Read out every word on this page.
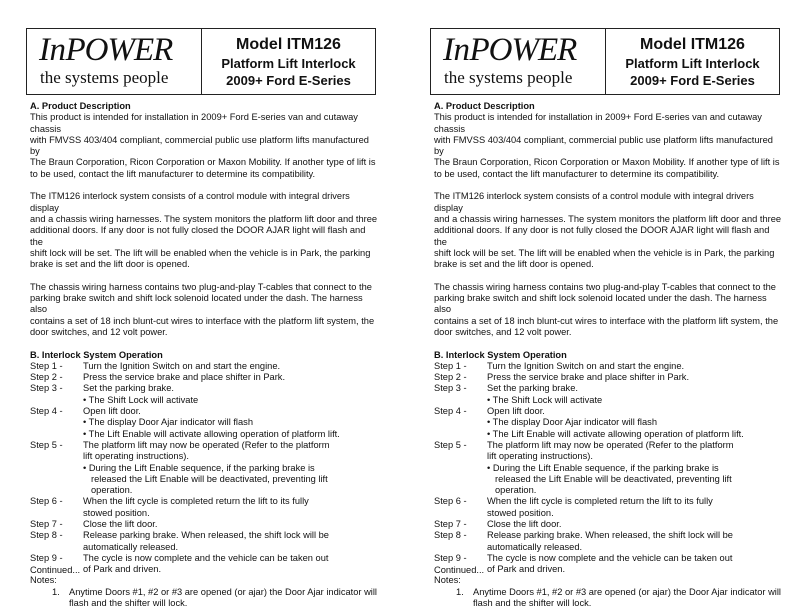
InPOWER
the systems people
Model ITM126
Platform Lift Interlock
2009+ Ford E-Series
A. Product Description
This product is intended for installation in 2009+ Ford E-series van and cutaway chassis
with FMVSS 403/404 compliant, commercial public use platform lifts manufactured by
The Braun Corporation, Ricon Corporation or Maxon Mobility. If another type of lift is
to be used, contact the lift manufacturer to determine its compatibility.
The ITM126 interlock system consists of a control module with integral drivers display
and a chassis wiring harnesses. The system monitors the platform lift door and three
additional doors. If any door is not fully closed the DOOR AJAR light will flash and the
shift lock will be set. The lift will be enabled when the vehicle is in Park, the parking
brake is set and the lift door is opened.
The chassis wiring harness contains two plug-and-play T-cables that connect to the
parking brake switch and shift lock solenoid located under the dash. The harness also
contains a set of 18 inch blunt-cut wires to interface with the platform lift system, the
door switches, and 12 volt power.
B. Interlock System Operation
Step 1 -	Turn the Ignition Switch on and start the engine.
Step 2 -	Press the service brake and place shifter in Park.
Step 3 -	Set the parking brake.
• The Shift Lock will activate
Step 4 -	Open lift door.
• The display Door Ajar indicator will flash
• The Lift Enable will activate allowing operation of platform lift.
Step 5 -	The platform lift may now be operated (Refer to the platform
lift operating instructions).
• During the Lift Enable sequence, if the parking brake is
released the Lift Enable will be deactivated, preventing lift
operation.
Step 6 -	When the lift cycle is completed return the lift to its fully
stowed position.
Step 7 -	Close the lift door.
Step 8 -	Release parking brake. When released, the shift lock will be
automatically released.
Step 9 -	The cycle is now complete and the vehicle can be taken out
of Park and driven.
Notes:
1. Anytime Doors #1, #2 or #3 are opened (or ajar) the Door Ajar indicator will
flash and the shifter will lock.
Continued...
InPOWER
the systems people
Model ITM126
Platform Lift Interlock
2009+ Ford E-Series
A. Product Description
This product is intended for installation in 2009+ Ford E-series van and cutaway chassis
with FMVSS 403/404 compliant, commercial public use platform lifts manufactured by
The Braun Corporation, Ricon Corporation or Maxon Mobility. If another type of lift is
to be used, contact the lift manufacturer to determine its compatibility.
The ITM126 interlock system consists of a control module with integral drivers display
and a chassis wiring harnesses. The system monitors the platform lift door and three
additional doors. If any door is not fully closed the DOOR AJAR light will flash and the
shift lock will be set. The lift will be enabled when the vehicle is in Park, the parking
brake is set and the lift door is opened.
The chassis wiring harness contains two plug-and-play T-cables that connect to the
parking brake switch and shift lock solenoid located under the dash. The harness also
contains a set of 18 inch blunt-cut wires to interface with the platform lift system, the
door switches, and 12 volt power.
B. Interlock System Operation
Step 1 -	Turn the Ignition Switch on and start the engine.
Step 2 -	Press the service brake and place shifter in Park.
Step 3 -	Set the parking brake.
• The Shift Lock will activate
Step 4 -	Open lift door.
• The display Door Ajar indicator will flash
• The Lift Enable will activate allowing operation of platform lift.
Step 5 -	The platform lift may now be operated (Refer to the platform
lift operating instructions).
• During the Lift Enable sequence, if the parking brake is
released the Lift Enable will be deactivated, preventing lift
operation.
Step 6 -	When the lift cycle is completed return the lift to its fully
stowed position.
Step 7 -	Close the lift door.
Step 8 -	Release parking brake. When released, the shift lock will be
automatically released.
Step 9 -	The cycle is now complete and the vehicle can be taken out
of Park and driven.
Notes:
1. Anytime Doors #1, #2 or #3 are opened (or ajar) the Door Ajar indicator will
flash and the shifter will lock.
Continued...
